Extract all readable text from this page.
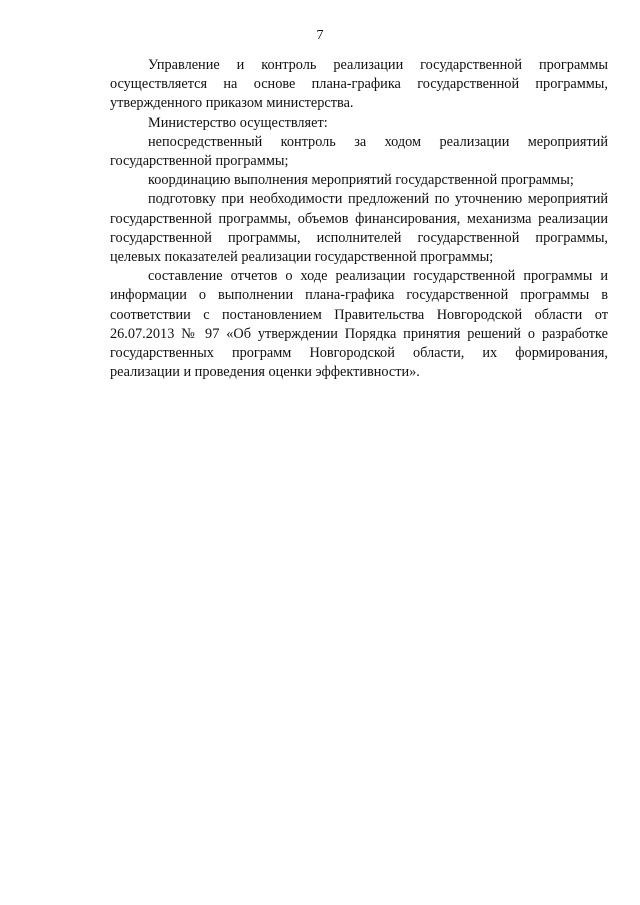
7

Управление и контроль реализации государственной программы осуществляется на основе плана-графика государственной программы, утвержденного приказом министерства.

Министерство осуществляет:

непосредственный контроль за ходом реализации мероприятий государственной программы;

координацию выполнения мероприятий государственной программы;

подготовку при необходимости предложений по уточнению мероприятий государственной программы, объемов финансирования, механизма реализации государственной программы, исполнителей государственной программы, целевых показателей реализации государственной программы;

составление отчетов о ходе реализации государственной программы и информации о выполнении плана-графика государственной программы в соответствии с постановлением Правительства Новгородской области от 26.07.2013 № 97 «Об утверждении Порядка принятия решений о разработке государственных программ Новгородской области, их формирования, реализации и проведения оценки эффективности».
